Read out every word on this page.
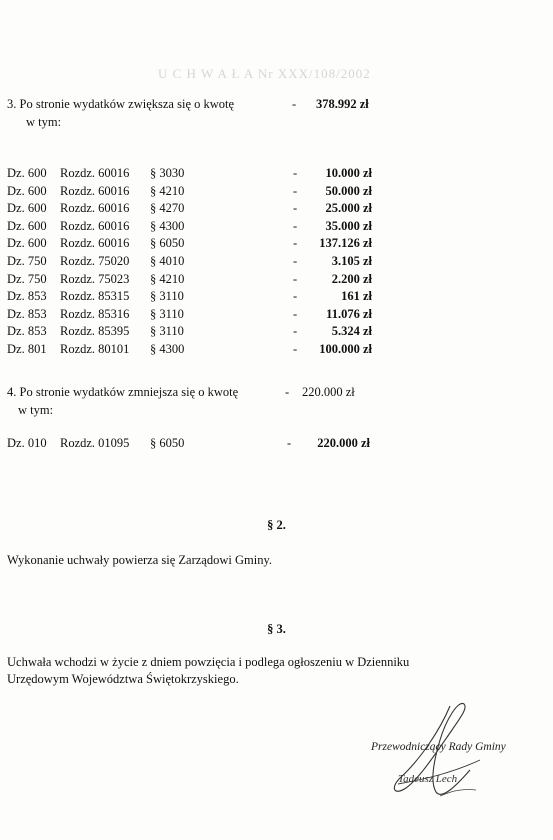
U C H W A Ł A Nr XXX/108/2002
3. Po stronie wydatków zwiększa się o kwotę	- 378.992 zł
w tym:
Dz. 600 Rozdz. 60016 § 3030	-	10.000 zł
Dz. 600 Rozdz. 60016 § 4210	-	50.000 zł
Dz. 600 Rozdz. 60016 § 4270	-	25.000 zł
Dz. 600 Rozdz. 60016 § 4300	-	35.000 zł
Dz. 600 Rozdz. 60016 § 6050	-	137.126 zł
Dz. 750 Rozdz. 75020 § 4010	-	3.105 zł
Dz. 750 Rozdz. 75023 § 4210	-	2.200 zł
Dz. 853 Rozdz. 85315 § 3110	-	161 zł
Dz. 853 Rozdz. 85316 § 3110	-	11.076 zł
Dz. 853 Rozdz. 85395 § 3110	-	5.324 zł
Dz. 801 Rozdz. 80101 § 4300	-	100.000 zł
4. Po stronie wydatków zmniejsza się o kwotę	- 220.000 zł
w tym:
Dz. 010 Rozdz. 01095 § 6050	-	220.000 zł
§ 2.
Wykonanie uchwały powierza się Zarządowi Gminy.
§ 3.
Uchwała wchodzi w życie z dniem powzięcia i podlega ogłoszeniu w Dzienniku
Urzędowym Województwa Świętokrzyskiego.
Przewodniczący Rady Gminy
Tadeusz Lech
